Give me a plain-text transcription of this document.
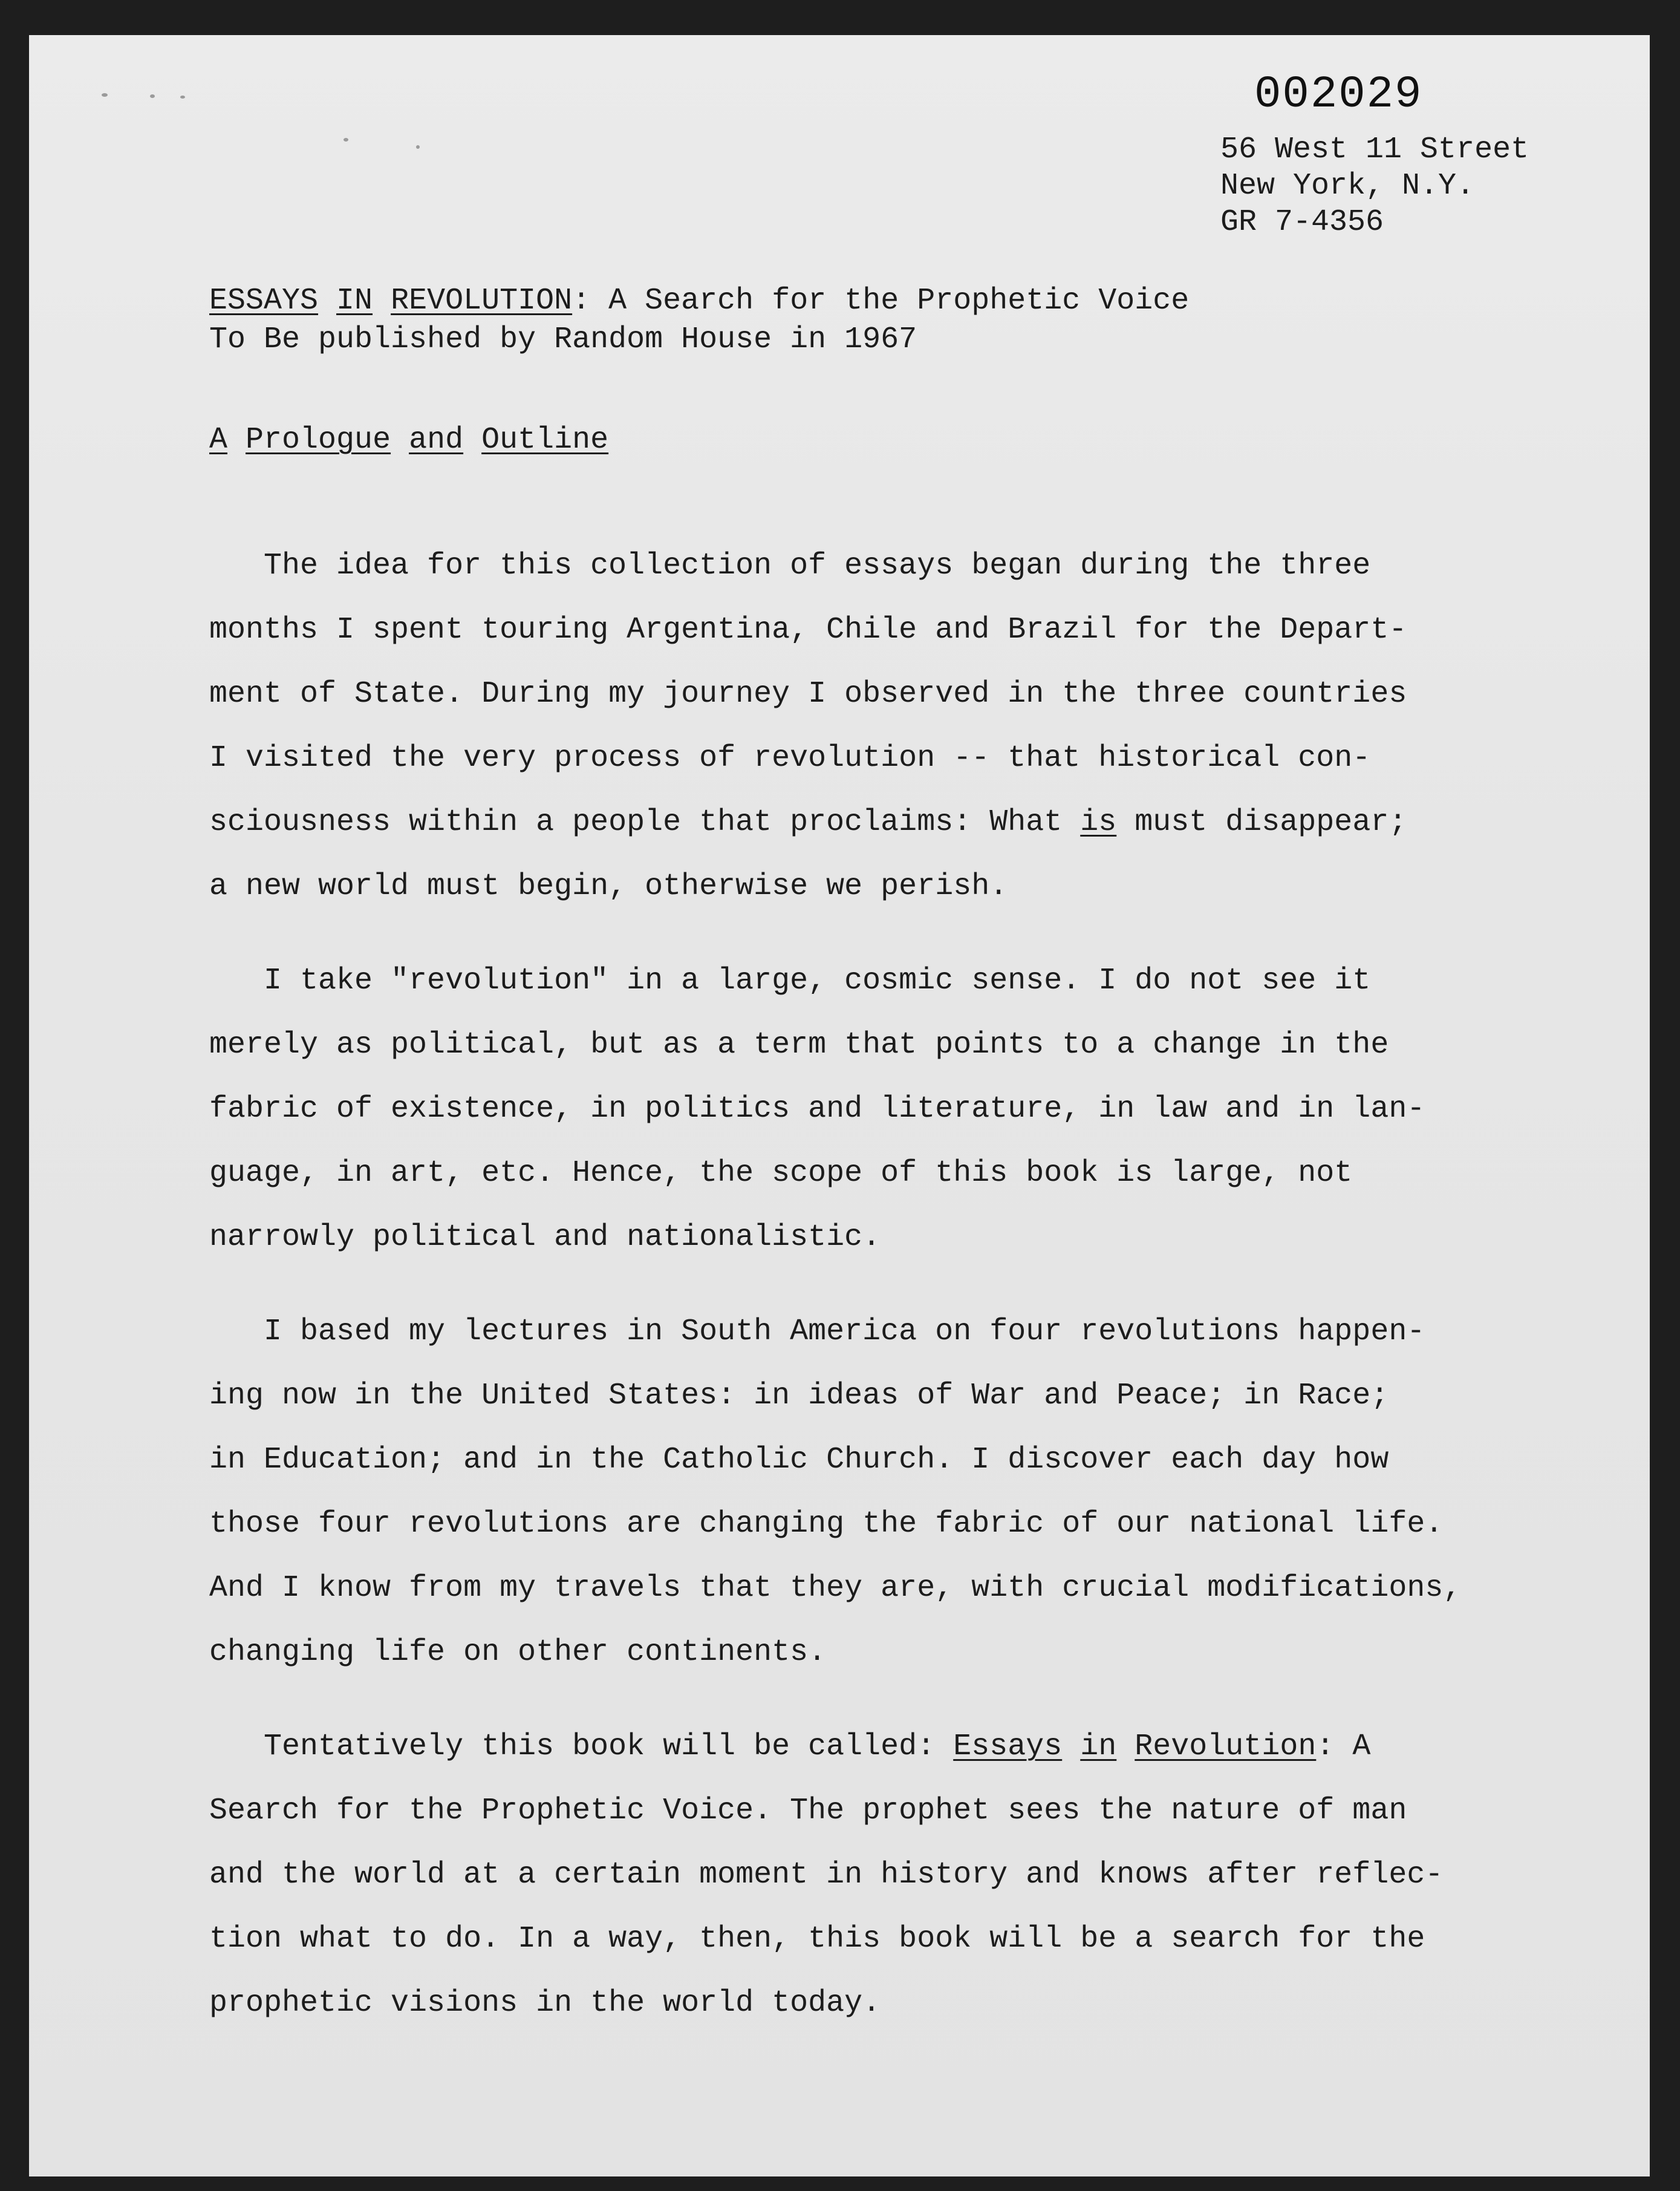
002029
56 West 11 Street
New York, N.Y.
GR 7-4356
ESSAYS IN REVOLUTION: A Search for the Prophetic Voice
To Be published by Random House in 1967
A Prologue and Outline
The idea for this collection of essays began during the three
months I spent touring Argentina, Chile and Brazil for the Depart-
ment of State. During my journey I observed in the three countries
I visited the very process of revolution -- that historical con-
sciousness within a people that proclaims: What is must disappear;
a new world must begin, otherwise we perish.
I take "revolution" in a large, cosmic sense. I do not see it
merely as political, but as a term that points to a change in the
fabric of existence, in politics and literature, in law and in lan-
guage, in art, etc. Hence, the scope of this book is large, not
narrowly political and nationalistic.
I based my lectures in South America on four revolutions happen-
ing now in the United States: in ideas of War and Peace; in Race;
in Education; and in the Catholic Church. I discover each day how
those four revolutions are changing the fabric of our national life.
And I know from my travels that they are, with crucial modifications,
changing life on other continents.
Tentatively this book will be called: Essays in Revolution: A
Search for the Prophetic Voice. The prophet sees the nature of man
and the world at a certain moment in history and knows after reflec-
tion what to do. In a way, then, this book will be a search for the
prophetic visions in the world today.
